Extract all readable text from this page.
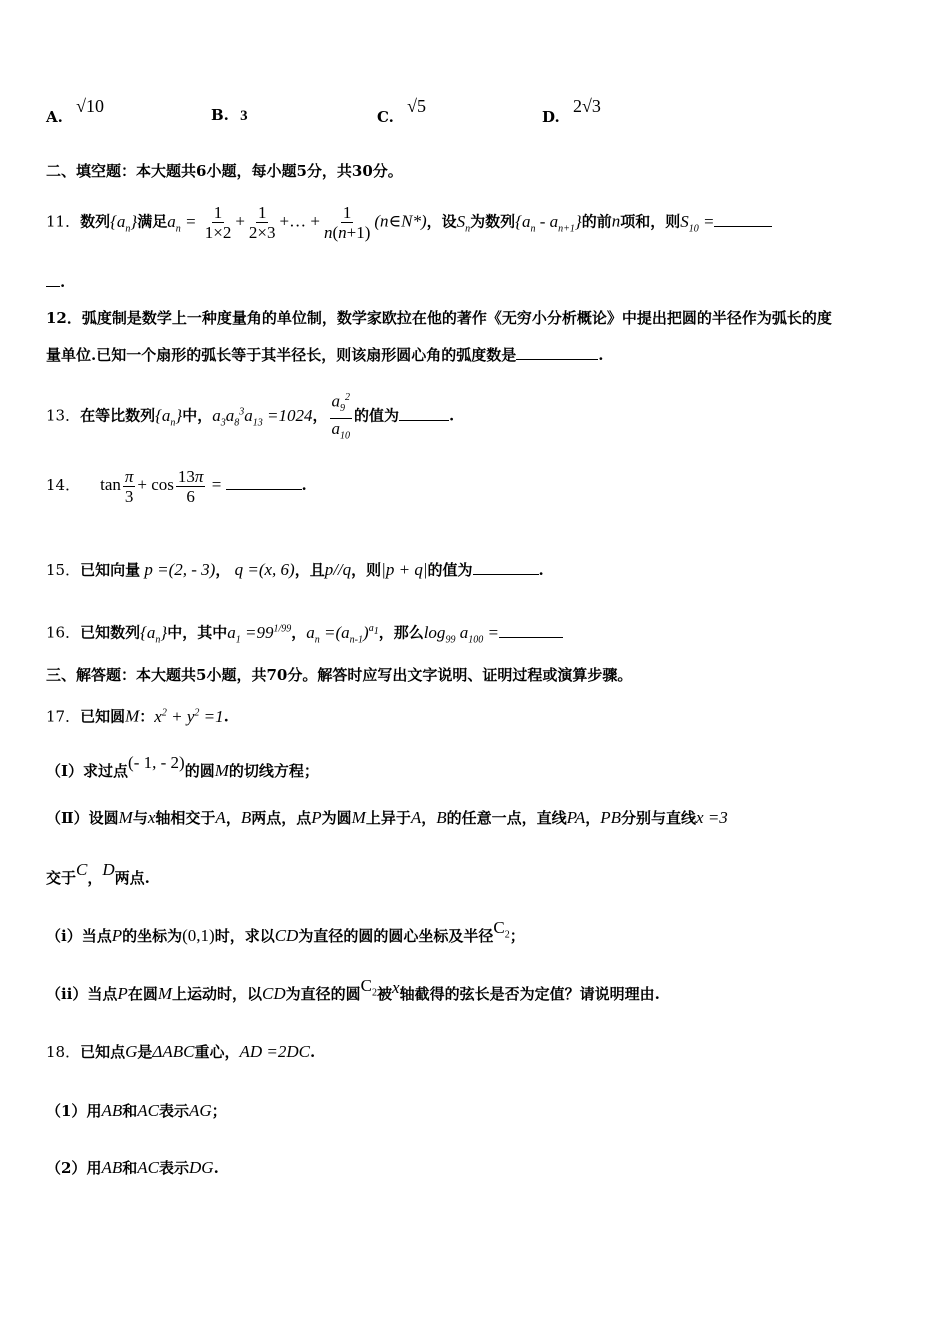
A. √10	B. 3	C. √5
D. 2√3
二、填空题：本大题共6小题，每小题5分，共30分。
11．数列$\{a_n\}$满足$a_n = \frac{1}{1\times 2} + \frac{1}{2\times 3}$ +… + $\frac{1}{n(n+1)}$ (n∈N*)，设$S_n$为数列$\{a_n - a_{n+1}\}$的前n项和，则$S_{10}$ =
.
12．弧度制是数学上一种度量角的单位制，数学家欧拉在他的著作《无穷小分析概论》中提出把圆的半径作为弧长的度
量单位.已知一个扇形的弧长等于其半径长，则该扇形圆心角的弧度数是	.
13．在等比数列$\{a_n\}$中，$a_3a_8^3a_{13} =1024$， $\frac{a_9^2}{a_{10}}$ 的值为	.
14． $\tan \frac{\pi}{3} + \cos \frac{13\pi}{6}$ =	.
15．已知向量 p =(2, - 3)， q =(x, 6)，且p//q，则|p + q|的值为	.
16．已知数列$\{a_n\}$中，其中$a_1 =99^{1/99}$，$a_n =(a_{n-1})^{a_1}$，那么$\log_{99} a_{100}$ =
三、解答题：本大题共5小题，共70分。解答时应写出文字说明、证明过程或演算步骤。
17．已知圆M：$x^2 + y^2 =1$.
（Ⅰ）求过点(- 1, - 2)的圆M的切线方程；
（Ⅱ）设圆M与x轴相交于A，B两点，点P为圆M上异于A，B的任意一点，直线PA，PB分别与直线x =3
交于C，D两点.
（ⅰ）当点P的坐标为(0,1)时，求以CD为直径的圆的圆心坐标及半径$C_2$；
（ⅱ）当点P在圆M上运动时，以CD为直径的圆$C_2$被x轴截得的弦长是否为定值？请说明理由.
18．已知点G是ΔABC重心，AD =2DC.
（1）用AB和AC表示AG；
（2）用AB和AC表示DG.
